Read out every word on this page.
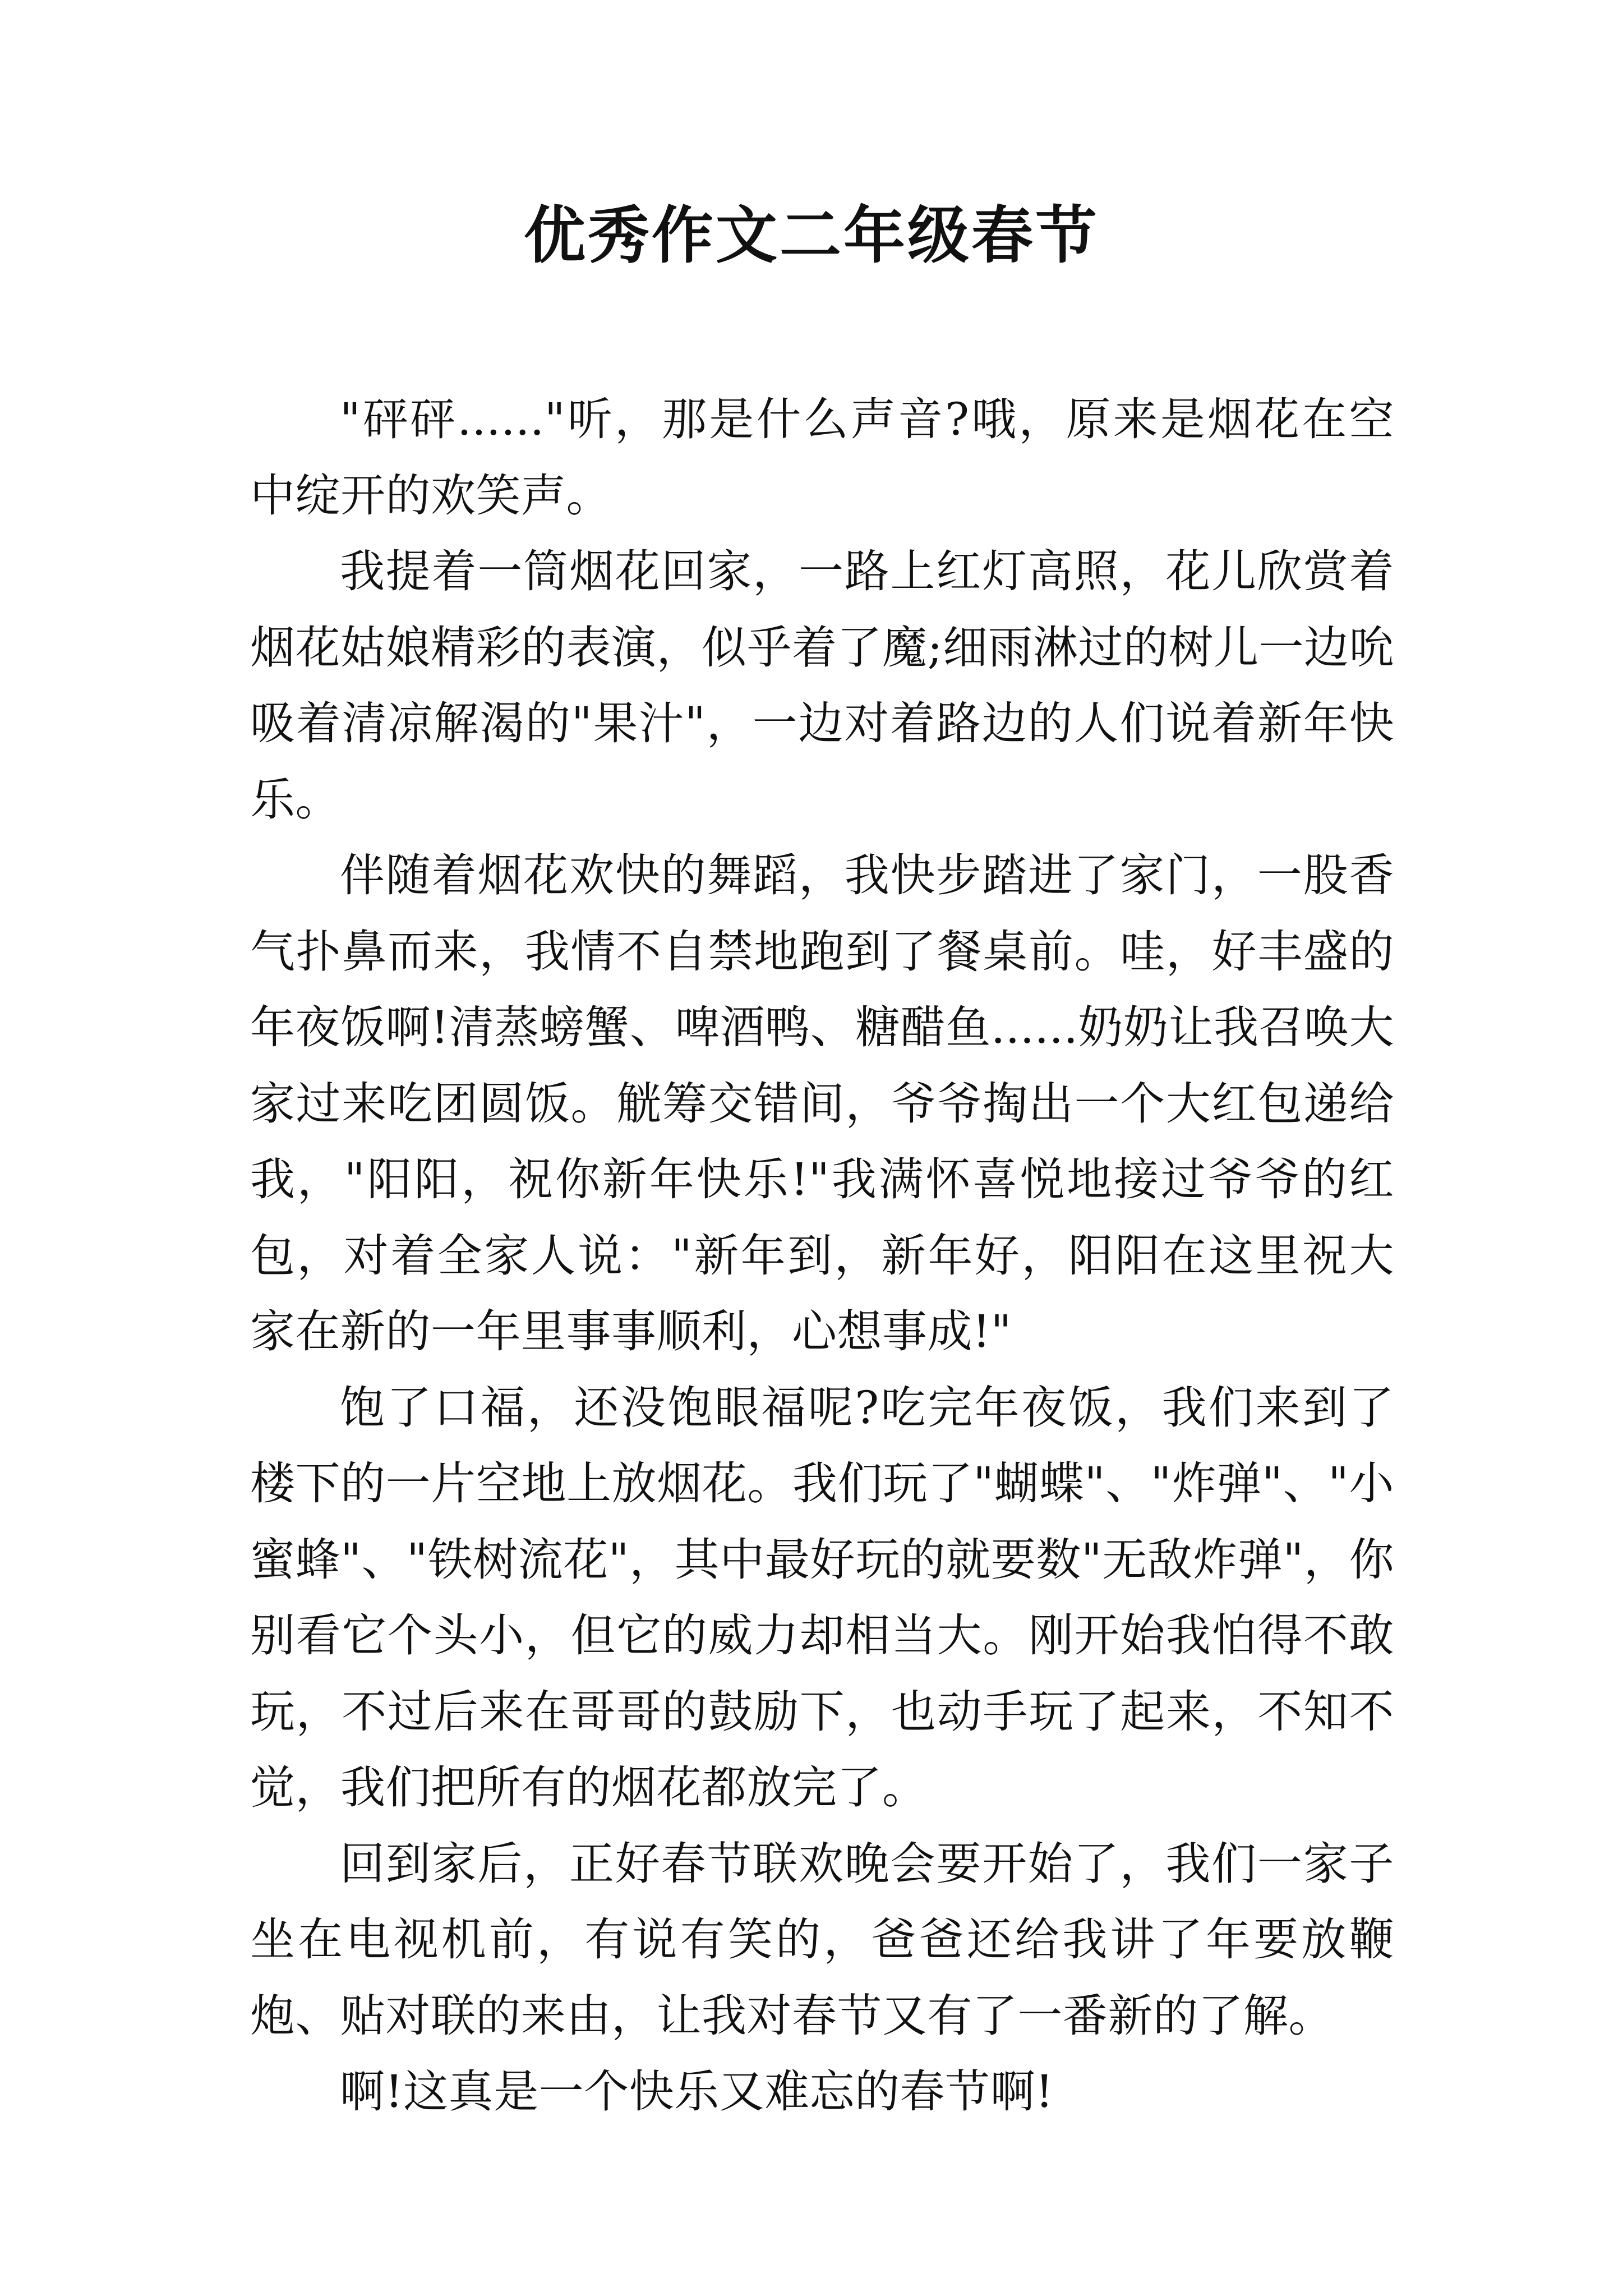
优秀作文二年级春节

"砰砰......"听，那是什么声音?哦，原来是烟花在空中绽开的欢笑声。

我提着一筒烟花回家，一路上红灯高照，花儿欣赏着烟花姑娘精彩的表演，似乎着了魔;细雨淋过的树儿一边吮吸着清凉解渴的"果汁"，一边对着路边的人们说着新年快乐。

伴随着烟花欢快的舞蹈，我快步踏进了家门，一股香气扑鼻而来，我情不自禁地跑到了餐桌前。哇，好丰盛的年夜饭啊!清蒸螃蟹、啤酒鸭、糖醋鱼......奶奶让我召唤大家过来吃团圆饭。觥筹交错间，爷爷掏出一个大红包递给我，"阳阳，祝你新年快乐!"我满怀喜悦地接过爷爷的红包，对着全家人说："新年到，新年好，阳阳在这里祝大家在新的一年里事事顺利，心想事成!"

饱了口福，还没饱眼福呢?吃完年夜饭，我们来到了楼下的一片空地上放烟花。我们玩了"蝴蝶"、"炸弹"、"小蜜蜂"、"铁树流花"，其中最好玩的就要数"无敌炸弹"，你别看它个头小，但它的威力却相当大。刚开始我怕得不敢玩，不过后来在哥哥的鼓励下，也动手玩了起来，不知不觉，我们把所有的烟花都放完了。

回到家后，正好春节联欢晚会要开始了，我们一家子坐在电视机前，有说有笑的，爸爸还给我讲了年要放鞭炮、贴对联的来由，让我对春节又有了一番新的了解。

啊!这真是一个快乐又难忘的春节啊!
